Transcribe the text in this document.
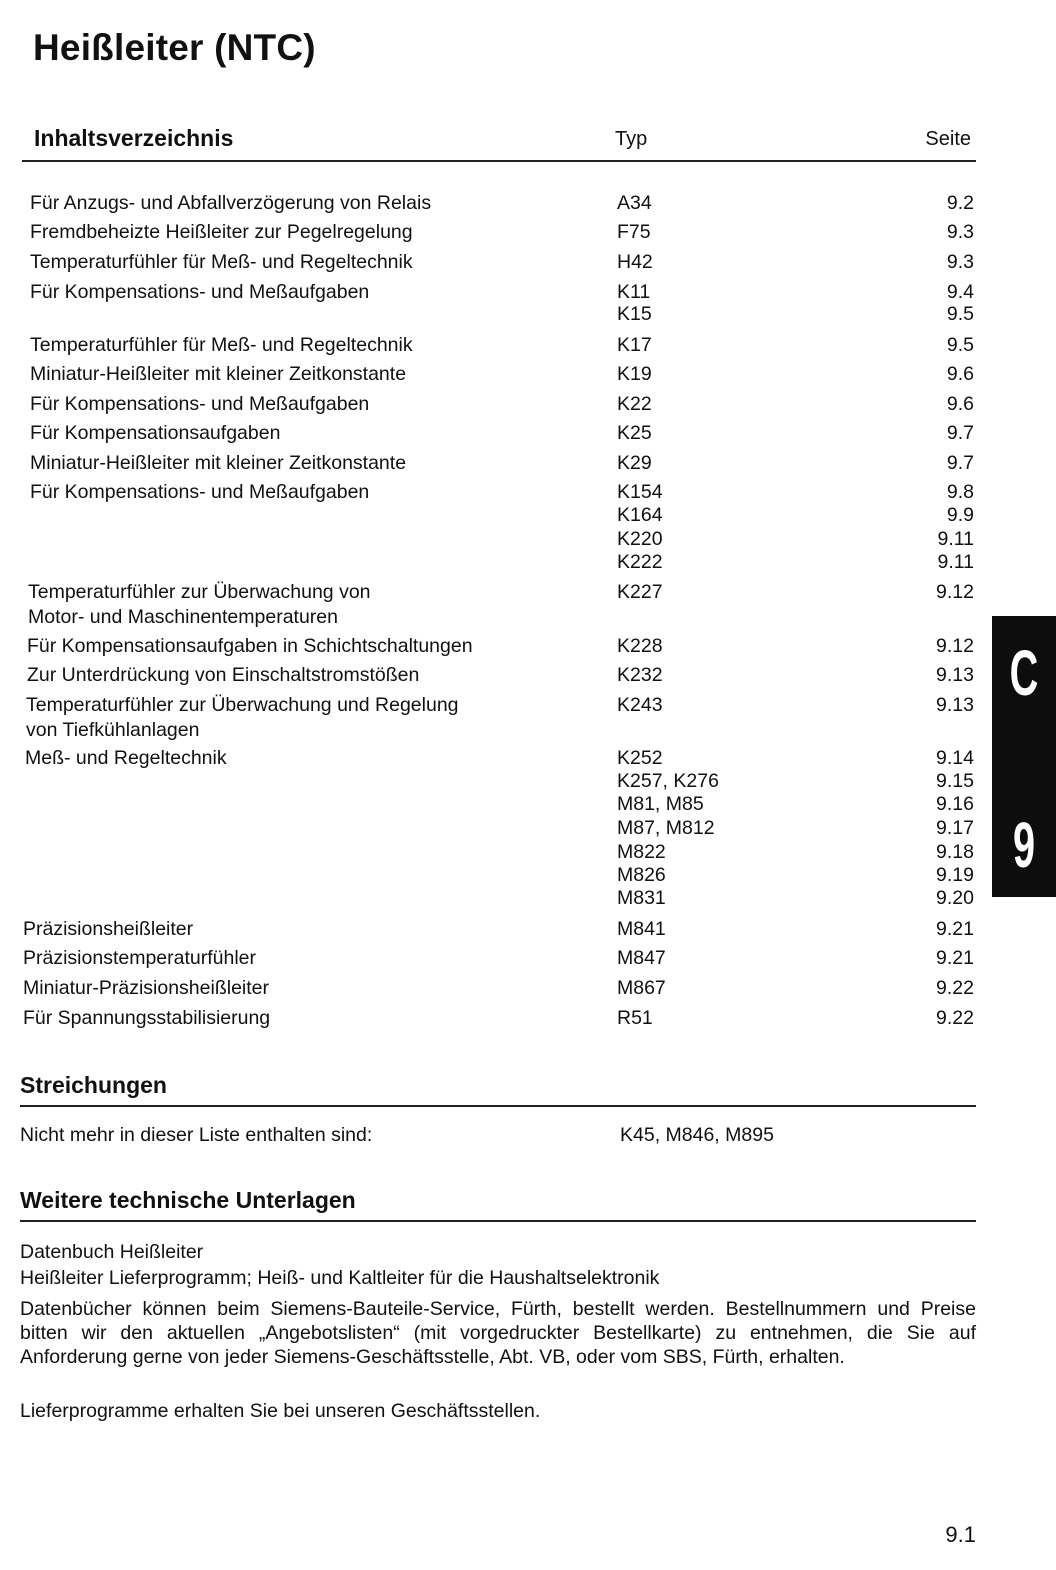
Heißleiter (NTC)
Inhaltsverzeichnis	Typ	Seite
Für Anzugs- und Abfallverzögerung von Relais	A34	9.2
Fremdbeheizte Heißleiter zur Pegelregelung	F75	9.3
Temperaturfühler für Meß- und Regeltechnik	H42	9.3
Für Kompensations- und Meßaufgaben	K11	9.4
K15	9.5
Temperaturfühler für Meß- und Regeltechnik	K17	9.5
Miniatur-Heißleiter mit kleiner Zeitkonstante	K19	9.6
Für Kompensations- und Meßaufgaben	K22	9.6
Für Kompensationsaufgaben	K25	9.7
Miniatur-Heißleiter mit kleiner Zeitkonstante	K29	9.7
Für Kompensations- und Meßaufgaben	K154	9.8
K164	9.9
K220	9.11
K222	9.11
Temperaturfühler zur Überwachung von	K227	9.12
Motor- und Maschinentemperaturen
Für Kompensationsaufgaben in Schichtschaltungen	K228	9.12
Zur Unterdrückung von Einschaltstromstößen	K232	9.13
Temperaturfühler zur Überwachung und Regelung	K243	9.13
von Tiefkühlanlagen
Meß- und Regeltechnik	K252	9.14
K257, K276	9.15
M81, M85	9.16
M87, M812	9.17
M822	9.18
M826	9.19
M831	9.20
Präzisionsheißleiter	M841	9.21
Präzisionstemperaturfühler	M847	9.21
Miniatur-Präzisionsheißleiter	M867	9.22
Für Spannungsstabilisierung	R51	9.22
C
9
Streichungen
Nicht mehr in dieser Liste enthalten sind:	K45, M846, M895
Weitere technische Unterlagen
Datenbuch Heißleiter
Heißleiter Lieferprogramm; Heiß- und Kaltleiter für die Haushaltselektronik
Datenbücher können beim Siemens-Bauteile-Service, Fürth, bestellt werden. Bestellnummern und Preise bitten wir den aktuellen „Angebotslisten“ (mit vorgedruckter Bestellkarte) zu entnehmen, die Sie auf Anforderung gerne von jeder Siemens-Geschäftsstelle, Abt. VB, oder vom SBS, Fürth, erhalten.
Lieferprogramme erhalten Sie bei unseren Geschäftsstellen.
9.1
